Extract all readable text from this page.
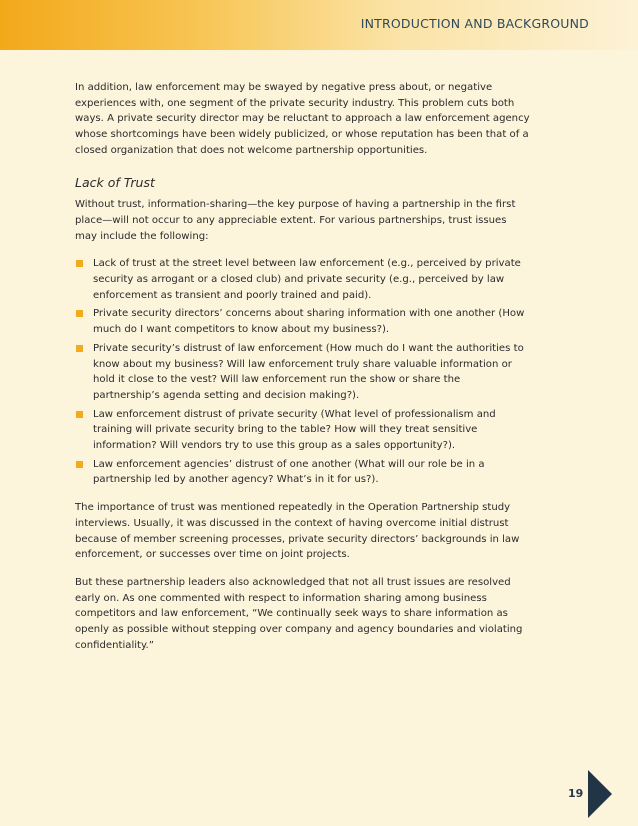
INTRODUCTION AND BACKGROUND

In addition, law enforcement may be swayed by negative press about, or negative experiences with, one segment of the private security industry. This problem cuts both ways. A private security director may be reluctant to approach a law enforcement agency whose shortcomings have been widely publicized, or whose reputation has been that of a closed organization that does not welcome partnership opportunities.

Lack of Trust

Without trust, information-sharing—the key purpose of having a partnership in the first place—will not occur to any appreciable extent. For various partnerships, trust issues may include the following:

Lack of trust at the street level between law enforcement (e.g., perceived by private security as arrogant or a closed club) and private security (e.g., perceived by law enforcement as transient and poorly trained and paid).
Private security directors’ concerns about sharing information with one another (How much do I want competitors to know about my business?).
Private security’s distrust of law enforcement (How much do I want the authorities to know about my business? Will law enforcement truly share valuable information or hold it close to the vest? Will law enforcement run the show or share the partnership’s agenda setting and decision making?).
Law enforcement distrust of private security (What level of professionalism and training will private security bring to the table? How will they treat sensitive information? Will vendors try to use this group as a sales opportunity?).
Law enforcement agencies’ distrust of one another (What will our role be in a partnership led by another agency? What’s in it for us?).

The importance of trust was mentioned repeatedly in the Operation Partnership study interviews. Usually, it was discussed in the context of having overcome initial distrust because of member screening processes, private security directors’ backgrounds in law enforcement, or successes over time on joint projects.

But these partnership leaders also acknowledged that not all trust issues are resolved early on. As one commented with respect to information sharing among business competitors and law enforcement, “We continually seek ways to share information as openly as possible without stepping over company and agency boundaries and violating confidentiality.”

19
